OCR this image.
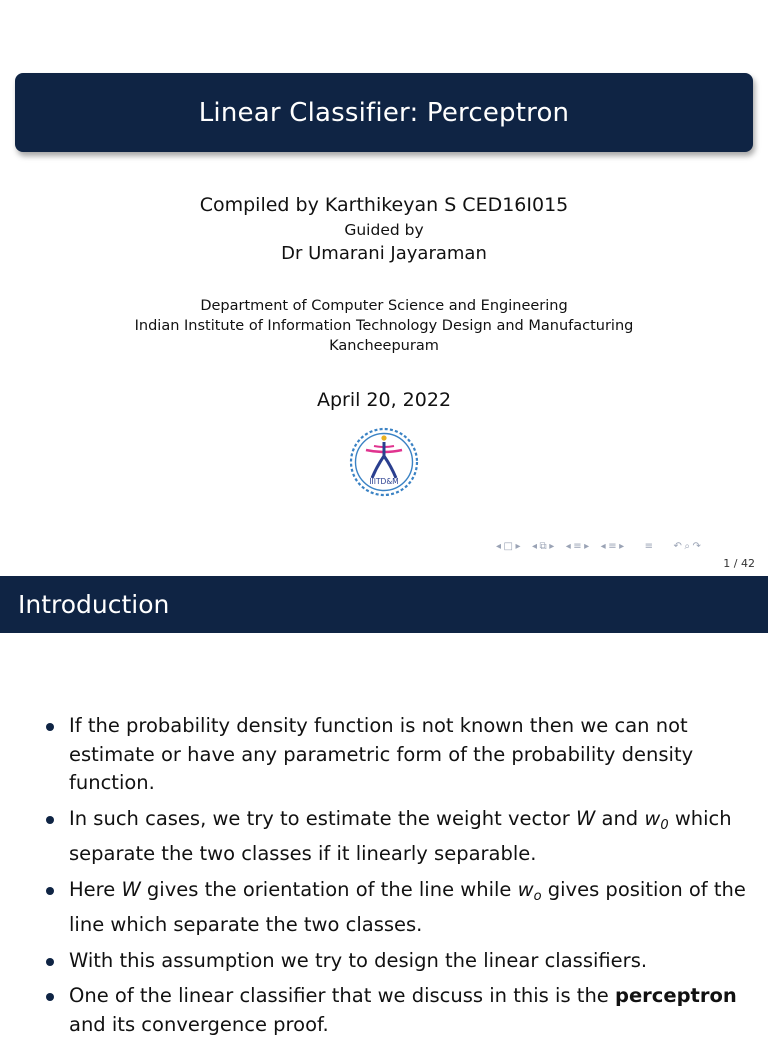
Linear Classifier: Perceptron
Compiled by Karthikeyan S CED16I015
Guided by
Dr Umarani Jayaraman
Department of Computer Science and Engineering
Indian Institute of Information Technology Design and Manufacturing
Kancheepuram
April 20, 2022
IIITD&M
◂ □ ▸ ◂ ⧉ ▸ ◂ ≡ ▸ ◂ ≡ ▸ ≡ ↶ ⌕ ↷
1 / 42
Introduction
If the probability density function is not known then we can not estimate or have any parametric form of the probability density function.
In such cases, we try to estimate the weight vector W and $w_0$ which separate the two classes if it linearly separable.
Here W gives the orientation of the line while $w_o$ gives position of the line which separate the two classes.
With this assumption we try to design the linear classifiers.
One of the linear classifier that we discuss in this is the perceptron and its convergence proof.
